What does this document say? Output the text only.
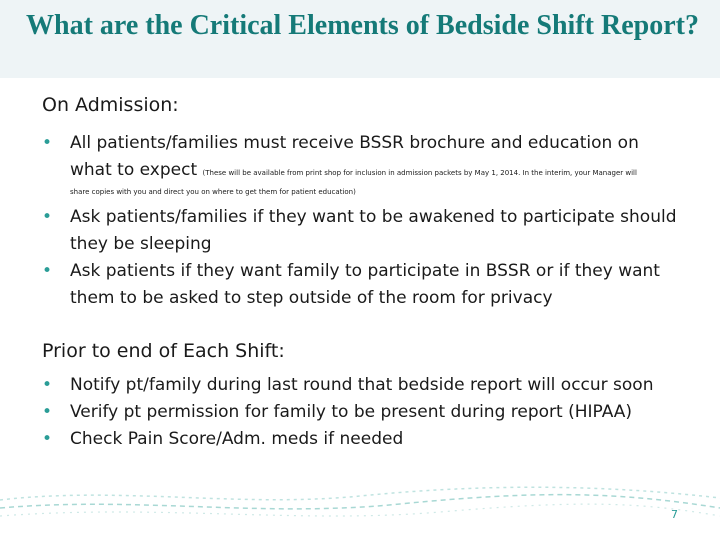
What are the Critical Elements of Bedside Shift Report?
On Admission:
• All patients/families must receive BSSR brochure and education on what to expect (These will be available from print shop for inclusion in admission packets by May 1, 2014. In the interim, your Manager will
share copies with you and direct you on where to get them for patient education)
• Ask patients/families if they want to be awakened to participate should they be sleeping
• Ask patients if they want family to participate in BSSR or if they want them to be asked to step outside of the room for privacy
Prior to end of Each Shift:
• Notify pt/family during last round that bedside report will occur soon
• Verify pt permission for family to be present during report (HIPAA)
• Check Pain Score/Adm. meds if needed
7
